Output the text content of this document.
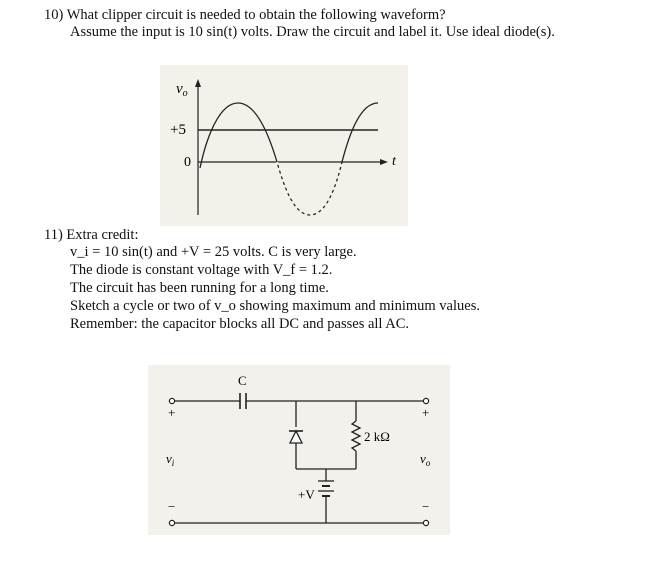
10) What clipper circuit is needed to obtain the following waveform?
Assume the input is 10 sin(t) volts. Draw the circuit and label it. Use ideal diode(s).
$v_o$
+5
0	t
11) Extra credit:
v_i = 10 sin(t) and +V = 25 volts. C is very large.
The diode is constant voltage with V_f = 1.2.
The circuit has been running for a long time.
Sketch a cycle or two of v_o showing maximum and minimum values.
Remember: the capacitor blocks all DC and passes all AC.
C
2 kΩ
+V
+
−
+
−
$v_i$	$v_o$
